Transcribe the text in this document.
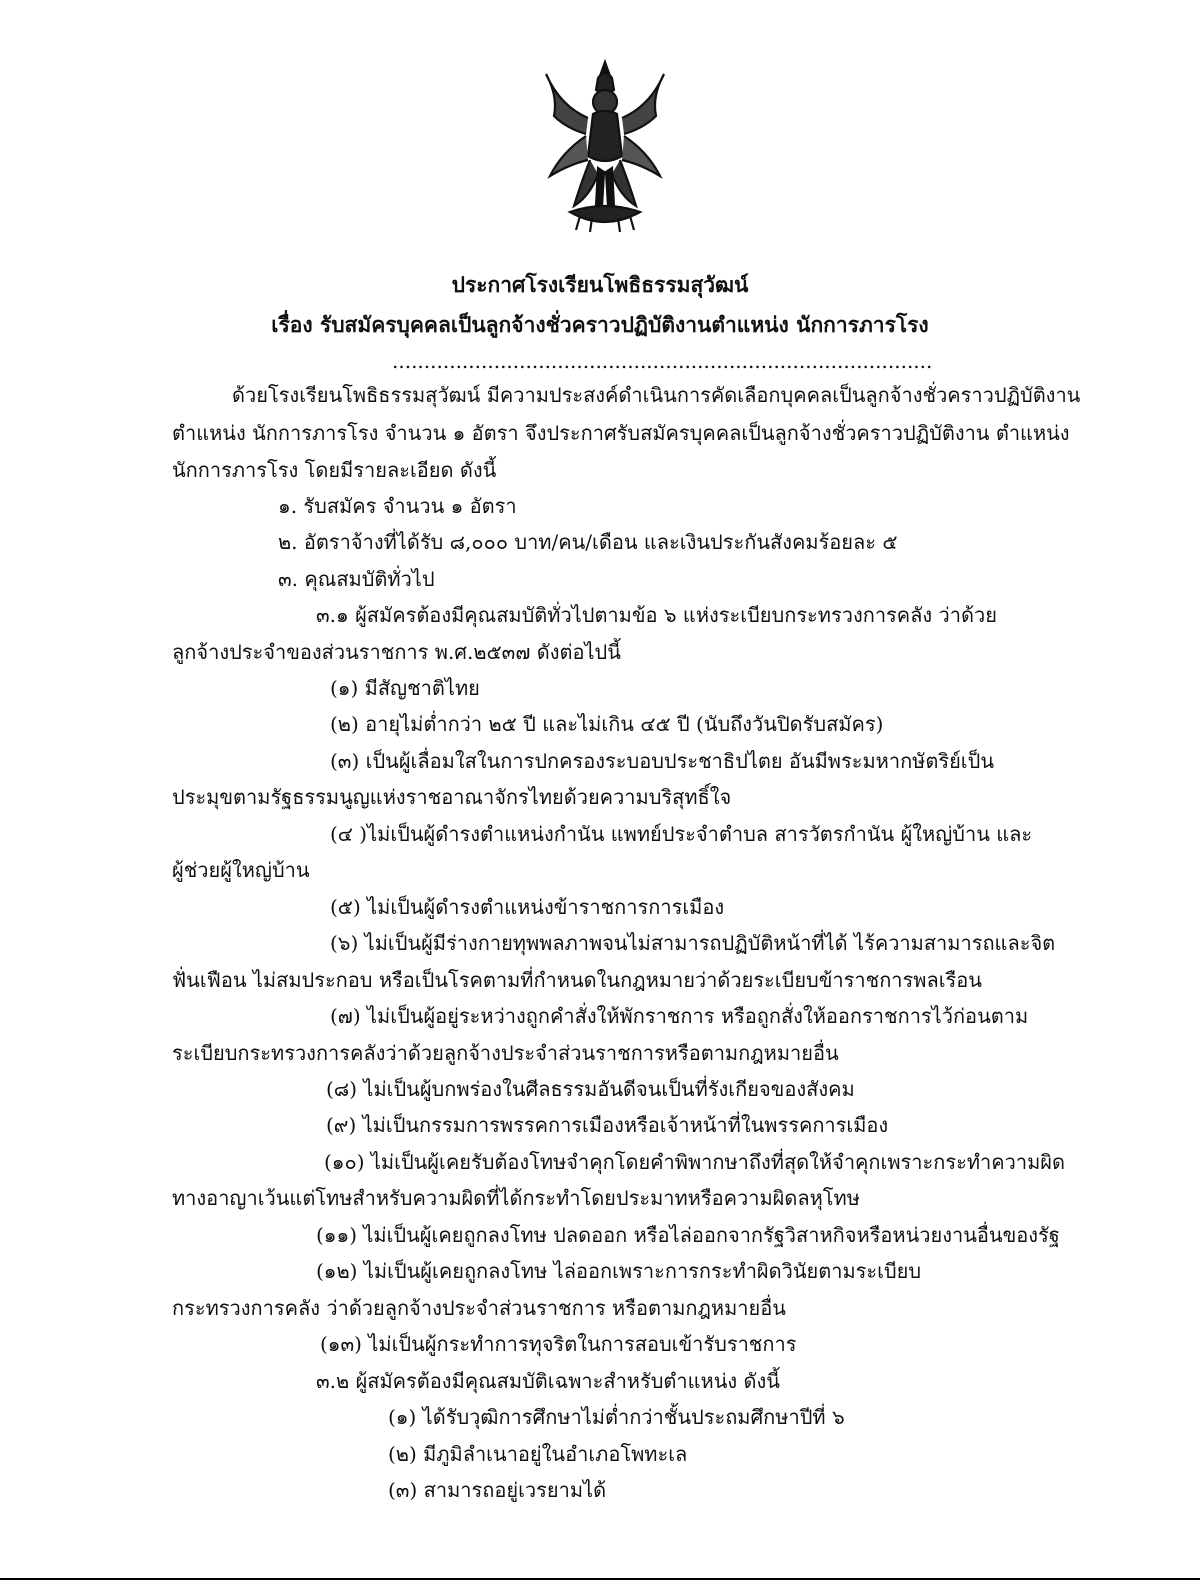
ประกาศโรงเรียนโพธิธรรมสุวัฒน์
เรื่อง รับสมัครบุคคลเป็นลูกจ้างชั่วคราวปฏิบัติงานตำแหน่ง นักการภารโรง
.....................................................................................
ด้วยโรงเรียนโพธิธรรมสุวัฒน์ มีความประสงค์ดำเนินการคัดเลือกบุคคลเป็นลูกจ้างชั่วคราวปฏิบัติงาน
ตำแหน่ง นักการภารโรง จำนวน ๑ อัตรา จึงประกาศรับสมัครบุคคลเป็นลูกจ้างชั่วคราวปฏิบัติงาน ตำแหน่ง
นักการภารโรง โดยมีรายละเอียด ดังนี้
๑. รับสมัคร จำนวน ๑ อัตรา
๒. อัตราจ้างที่ได้รับ ๘,๐๐๐ บาท/คน/เดือน และเงินประกันสังคมร้อยละ ๕
๓. คุณสมบัติทั่วไป
๓.๑ ผู้สมัครต้องมีคุณสมบัติทั่วไปตามข้อ ๖ แห่งระเบียบกระทรวงการคลัง ว่าด้วย
ลูกจ้างประจำของส่วนราชการ พ.ศ.๒๕๓๗ ดังต่อไปนี้
(๑) มีสัญชาติไทย
(๒) อายุไม่ต่ำกว่า ๒๕ ปี และไม่เกิน ๔๕ ปี (นับถึงวันปิดรับสมัคร)
(๓) เป็นผู้เลื่อมใสในการปกครองระบอบประชาธิปไตย อันมีพระมหากษัตริย์เป็น
ประมุขตามรัฐธรรมนูญแห่งราชอาณาจักรไทยด้วยความบริสุทธิ์ใจ
(๔ )ไม่เป็นผู้ดำรงตำแหน่งกำนัน แพทย์ประจำตำบล สารวัตรกำนัน ผู้ใหญ่บ้าน และ
ผู้ช่วยผู้ใหญ่บ้าน
(๕) ไม่เป็นผู้ดำรงตำแหน่งข้าราชการการเมือง
(๖) ไม่เป็นผู้มีร่างกายทุพพลภาพจนไม่สามารถปฏิบัติหน้าที่ได้ ไร้ความสามารถและจิต
ฟั่นเฟือน ไม่สมประกอบ หรือเป็นโรคตามที่กำหนดในกฎหมายว่าด้วยระเบียบข้าราชการพลเรือน
(๗) ไม่เป็นผู้อยู่ระหว่างถูกคำสั่งให้พักราชการ หรือถูกสั่งให้ออกราชการไว้ก่อนตาม
ระเบียบกระทรวงการคลังว่าด้วยลูกจ้างประจำส่วนราชการหรือตามกฎหมายอื่น
(๘) ไม่เป็นผู้บกพร่องในศีลธรรมอันดีจนเป็นที่รังเกียจของสังคม
(๙) ไม่เป็นกรรมการพรรคการเมืองหรือเจ้าหน้าที่ในพรรคการเมือง
(๑๐) ไม่เป็นผู้เคยรับต้องโทษจำคุกโดยคำพิพากษาถึงที่สุดให้จำคุกเพราะกระทำความผิด
ทางอาญาเว้นแต่โทษสำหรับความผิดที่ได้กระทำโดยประมาทหรือความผิดลหุโทษ
(๑๑) ไม่เป็นผู้เคยถูกลงโทษ ปลดออก หรือไล่ออกจากรัฐวิสาหกิจหรือหน่วยงานอื่นของรัฐ
(๑๒) ไม่เป็นผู้เคยถูกลงโทษ ไล่ออกเพราะการกระทำผิดวินัยตามระเบียบ
กระทรวงการคลัง ว่าด้วยลูกจ้างประจำส่วนราชการ หรือตามกฎหมายอื่น
(๑๓) ไม่เป็นผู้กระทำการทุจริตในการสอบเข้ารับราชการ
๓.๒ ผู้สมัครต้องมีคุณสมบัติเฉพาะสำหรับตำแหน่ง ดังนี้
(๑) ได้รับวุฒิการศึกษาไม่ต่ำกว่าชั้นประถมศึกษาปีที่ ๖
(๒) มีภูมิลำเนาอยู่ในอำเภอโพทะเล
(๓) สามารถอยู่เวรยามได้
